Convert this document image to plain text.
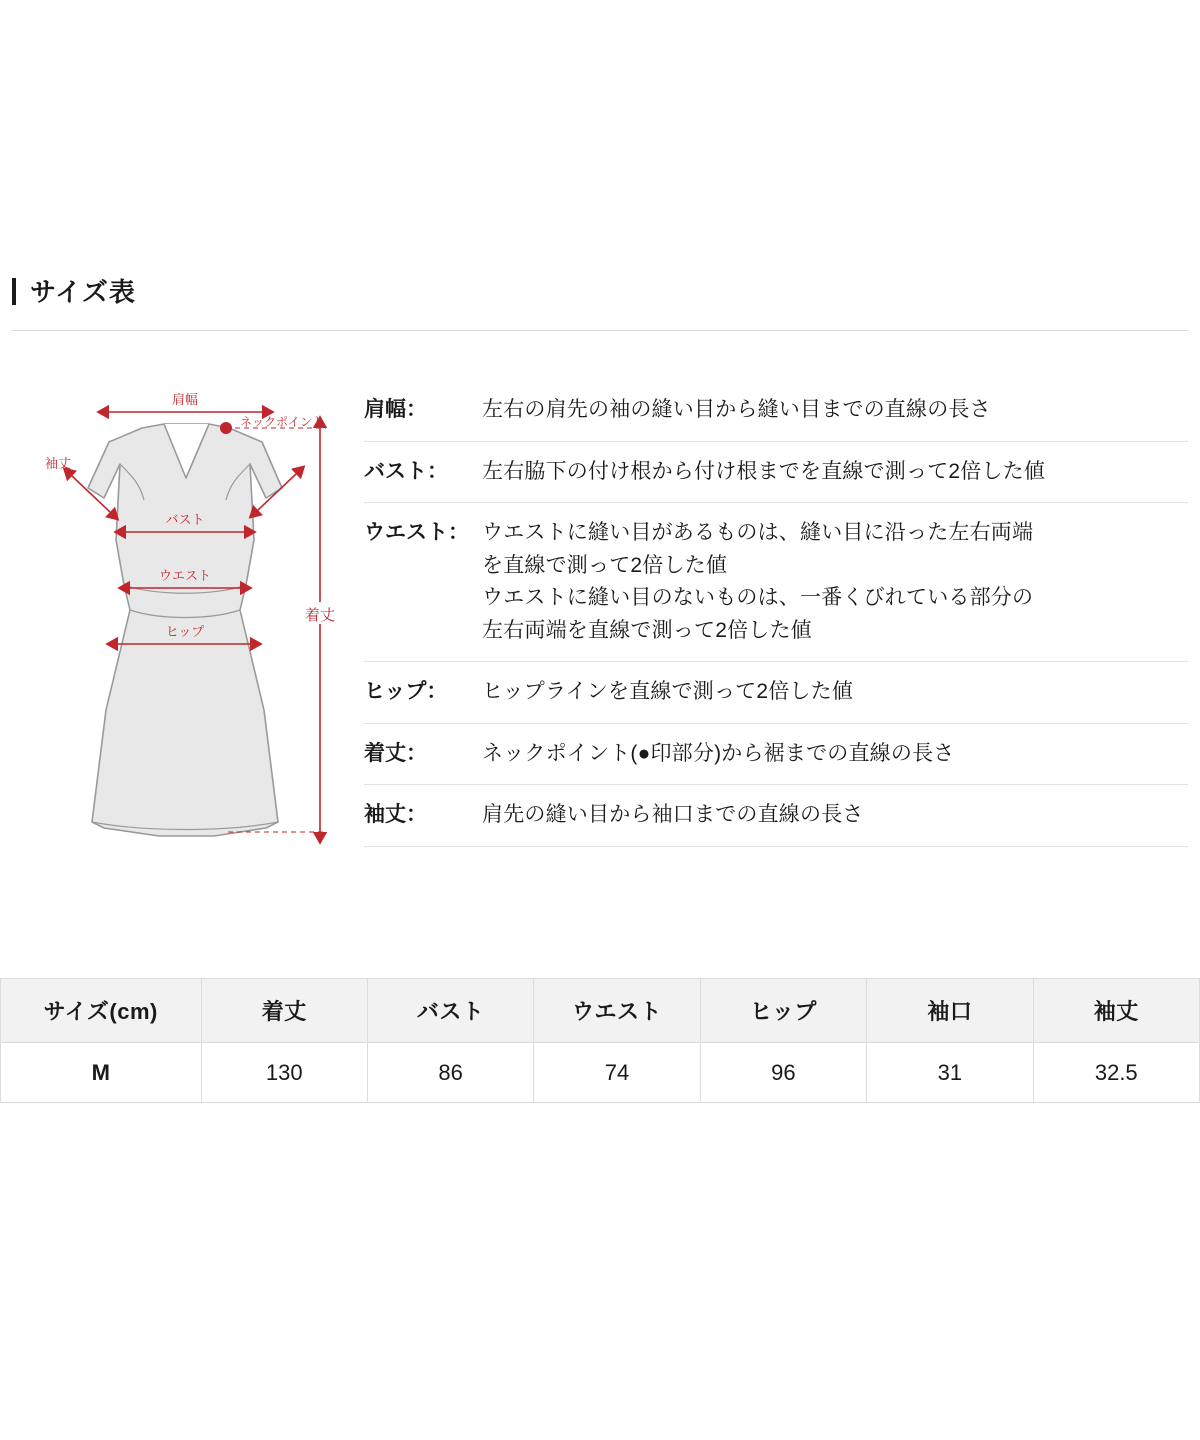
サイズ表
肩幅
ネックポイント
袖丈
バスト
ウエスト
ヒップ
着丈
肩幅：	左右の肩先の袖の縫い目から縫い目までの直線の長さ
バスト：	左右脇下の付け根から付け根までを直線で測って2倍した値
ウエスト： ウエストに縫い目があるものは、縫い目に沿った左右両端
を直線で測って2倍した値
ウエストに縫い目のないものは、一番くびれている部分の
左右両端を直線で測って2倍した値
ヒップ：	ヒップラインを直線で測って2倍した値
着丈：	ネックポイント(●印部分)から裾までの直線の長さ
袖丈：	肩先の縫い目から袖口までの直線の長さ
サイズ(cm)	着丈	バスト	ウエスト	ヒップ	袖口	袖丈
M	130	86	74	96	31	32.5
